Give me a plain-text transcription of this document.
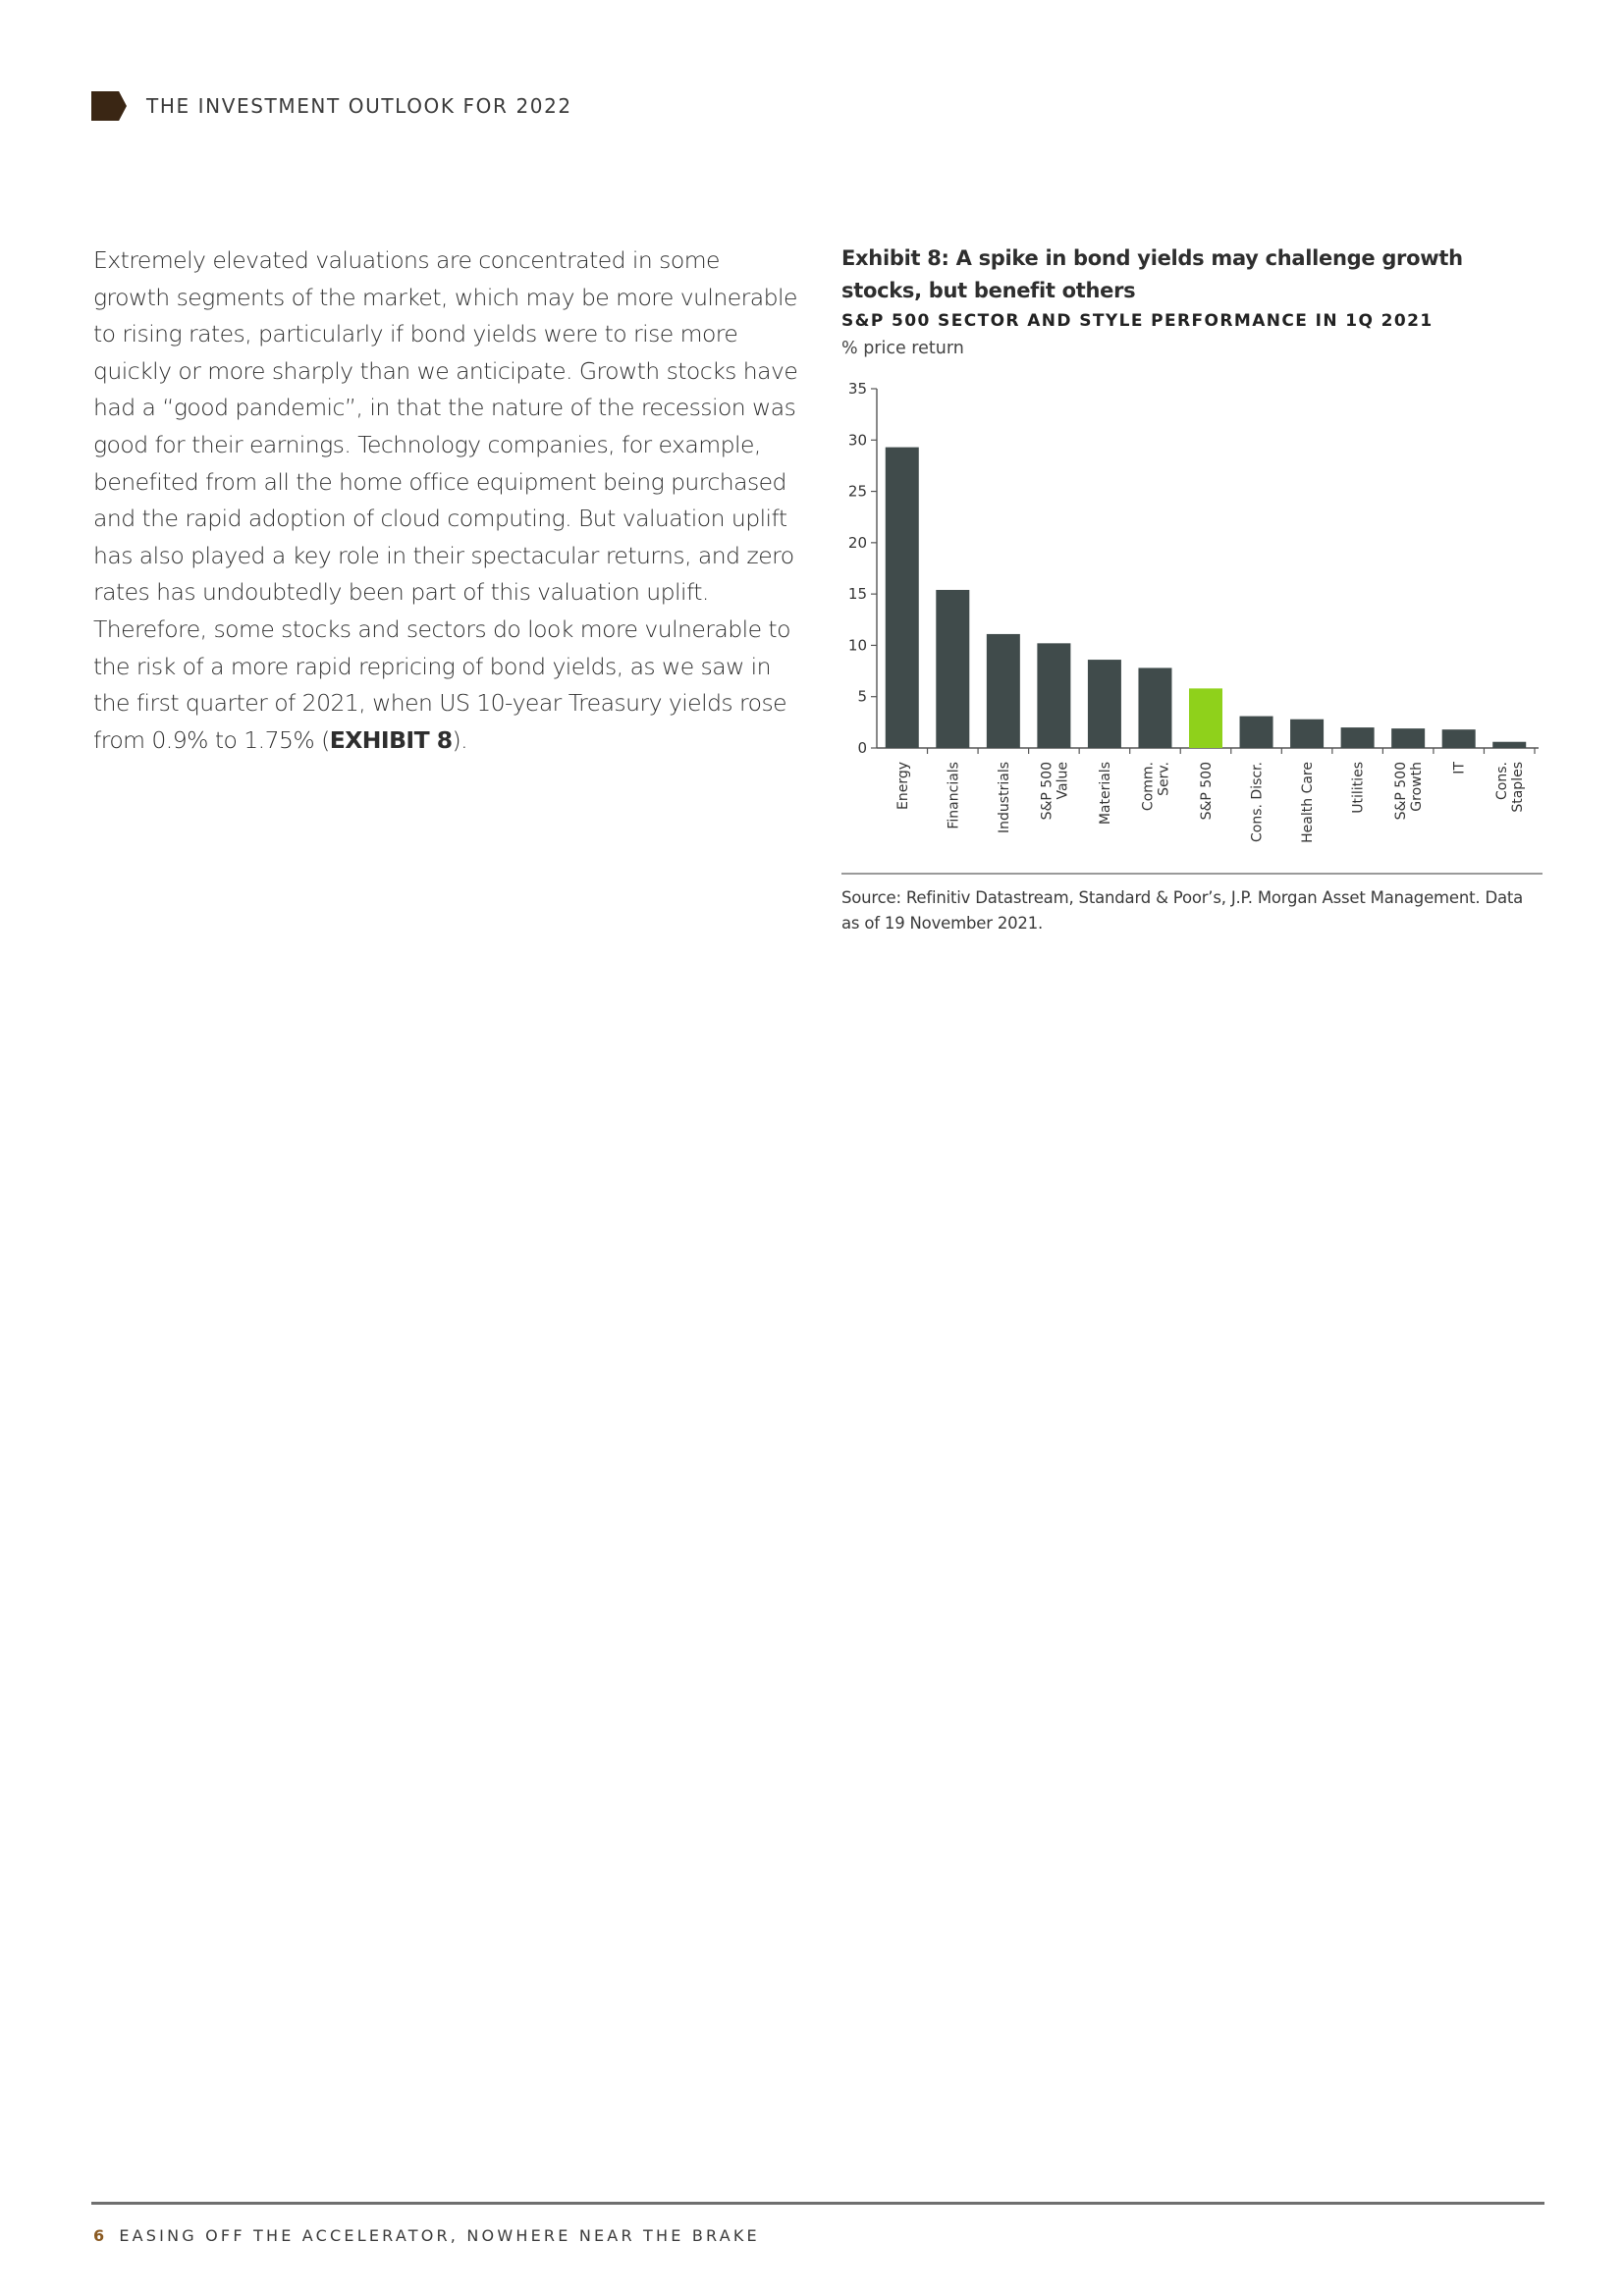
THE INVESTMENT OUTLOOK FOR 2022
Extremely elevated valuations are concentrated in some growth segments of the market, which may be more vulnerable to rising rates, particularly if bond yields were to rise more quickly or more sharply than we anticipate. Growth stocks have had a “good pandemic”, in that the nature of the recession was good for their earnings. Technology companies, for example, benefited from all the home office equipment being purchased and the rapid adoption of cloud computing. But valuation uplift has also played a key role in their spectacular returns, and zero rates has undoubtedly been part of this valuation uplift. Therefore, some stocks and sectors do look more vulnerable to the risk of a more rapid repricing of bond yields, as we saw in the first quarter of 2021, when US 10-year Treasury yields rose from 0.9% to 1.75% (EXHIBIT 8).
Exhibit 8: A spike in bond yields may challenge growth stocks, but benefit others
S&P 500 SECTOR AND STYLE PERFORMANCE IN 1Q 2021
% price return
0
5
10
15
20
25
30
35
Energy	Financials	Industrials S&P 500 Value Materials Comm. Serv. S&P 500	Cons. Discr.	Health Care	Utilities S&P 500 Growth IT Cons. Staples
Source: Refinitiv Datastream, Standard & Poor’s, J.P. Morgan Asset Management. Data as of 19 November 2021.
6 EASING OFF THE ACCELERATOR, NOWHERE NEAR THE BRAKE
